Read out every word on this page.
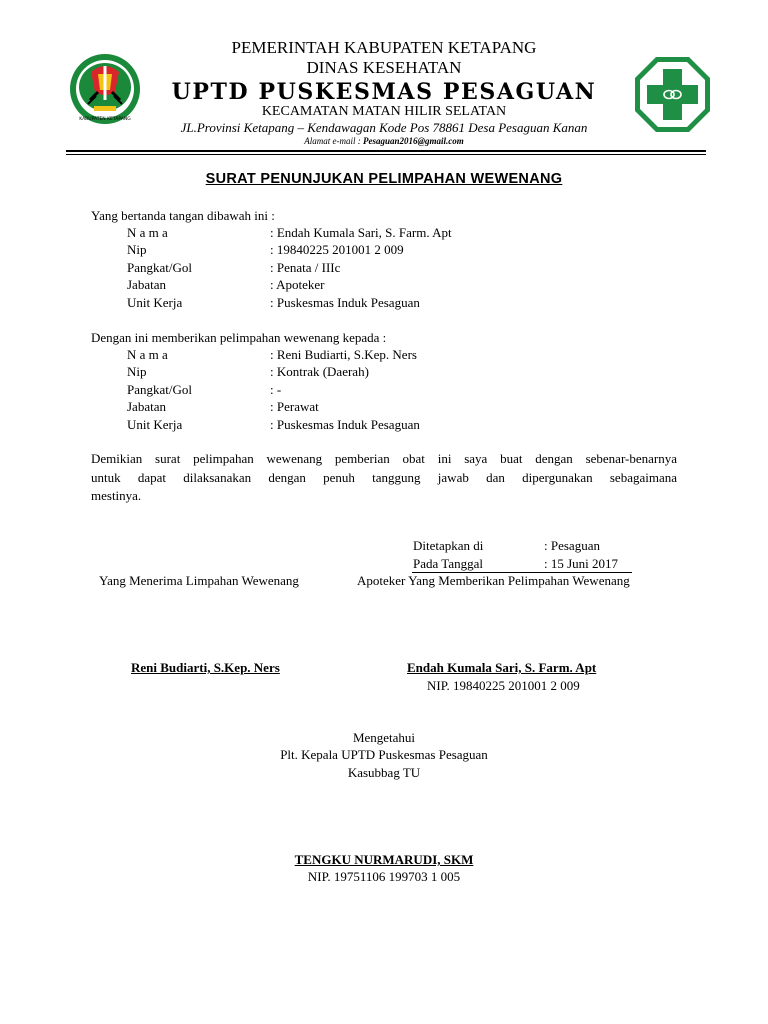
KABUPATEN KETAPANG
PEMERINTAH KABUPATEN KETAPANG
DINAS KESEHATAN
UPTD PUSKESMAS PESAGUAN
KECAMATAN MATAN HILIR SELATAN
JL.Provinsi Ketapang – Kendawagan Kode Pos 78861 Desa Pesaguan Kanan
Alamat e-mail : Pesaguan2016@gmail.com
SURAT PENUNJUKAN PELIMPAHAN WEWENANG
Yang bertanda tangan dibawah ini :
N a m a	: Endah Kumala Sari, S. Farm. Apt
Nip	: 19840225 201001 2 009
Pangkat/Gol	: Penata / IIIc
Jabatan	: Apoteker
Unit Kerja	: Puskesmas Induk Pesaguan
Dengan ini memberikan pelimpahan wewenang kepada :
N a m a	: Reni Budiarti, S.Kep. Ners
Nip	: Kontrak (Daerah)
Pangkat/Gol	: -
Jabatan	: Perawat
Unit Kerja	: Puskesmas Induk Pesaguan
Demikian surat pelimpahan wewenang pemberian obat ini saya buat dengan sebenar-benarnya
untuk dapat dilaksanakan dengan penuh tanggung jawab dan dipergunakan sebagaimana
mestinya.
Ditetapkan di	: Pesaguan
Pada Tanggal	: 15 Juni 2017
Yang Menerima Limpahan Wewenang	Apoteker Yang Memberikan Pelimpahan Wewenang
Reni Budiarti, S.Kep. Ners	Endah Kumala Sari, S. Farm. Apt
NIP. 19840225 201001 2 009
Mengetahui
Plt. Kepala UPTD Puskesmas Pesaguan
Kasubbag TU
TENGKU NURMARUDI, SKM
NIP. 19751106 199703 1 005
